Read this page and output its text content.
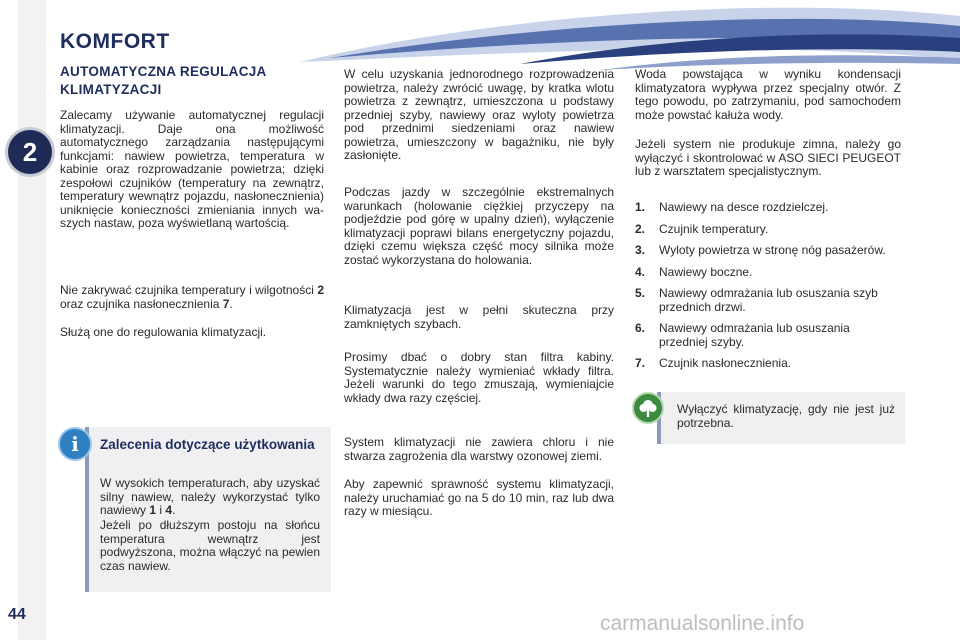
2
KOMFORT
AUTOMATYCZNA REGULACJA
KLIMATYZACJI
Zalecamy używanie automatycznej regulacji klimatyzacji. Daje ona możliwość automatycznego zarządzania następującymi funkcjami: nawiew powietrza, temperatura w kabinie oraz rozprowadzanie powietrza; dzięki zespołowi czujników (temperatury na zewnątrz, temperatury wewnątrz pojazdu, nasłonecznienia) uniknięcie konieczności zmieniania innych waszych nastaw, poza wyświetlaną wartością.
Nie zakrywać czujnika temperatury i wilgotności 2 oraz czujnika nasłonecznienia 7.
Służą one do regulowania klimatyzacji.
i	Zalecenia dotyczące użytkowania
W wysokich temperaturach, aby uzyskać silny nawiew, należy wykorzystać tylko nawiewy 1 i 4.
Jeżeli po dłuższym postoju na słońcu temperatura wewnątrz jest podwyższona, można włączyć na pewien czas nawiew.
W celu uzyskania jednorodnego rozprowadzenia powietrza, należy zwrócić uwagę, by kratka wlotu powietrza z zewnątrz, umieszczona u podstawy przedniej szyby, nawiewy oraz wyloty powietrza pod przednimi siedzeniami oraz nawiew powietrza, umieszczony w bagażniku, nie były zasłonięte.
Podczas jazdy w szczególnie ekstremalnych warunkach (holowanie ciężkiej przyczepy na podjeździe pod górę w upalny dzień), wyłączenie klimatyzacji poprawi bilans energetyczny pojazdu, dzięki czemu większa część mocy silnika może zostać wykorzystana do holowania.
Klimatyzacja jest w pełni skuteczna przy zamkniętych szybach.
Prosimy dbać o dobry stan filtra kabiny. Systematycznie należy wymieniać wkłady filtra. Jeżeli warunki do tego zmuszają, wymieniajcie wkłady dwa razy częściej.
System klimatyzacji nie zawiera chloru i nie stwarza zagrożenia dla warstwy ozonowej ziemi.
Aby zapewnić sprawność systemu klimatyzacji, należy uruchamiać go na 5 do 10 min, raz lub dwa razy w miesiącu.
Woda powstająca w wyniku kondensacji klimatyzatora wypływa przez specjalny otwór. Z tego powodu, po zatrzymaniu, pod samochodem może powstać kałuża wody.
Jeżeli system nie produkuje zimna, należy go wyłączyć i skontrolować w ASO SIECI PEUGEOT lub z warsztatem specjalistycznym.
1. Nawiewy na desce rozdzielczej.
2. Czujnik temperatury.
3. Wyloty powietrza w stronę nóg pasażerów.
4. Nawiewy boczne.
5. Nawiewy odmrażania lub osuszania szyb przednich drzwi.
6. Nawiewy odmrażania lub osuszania przedniej szyby.
7. Czujnik nasłonecznienia.
Wyłączyć klimatyzację, gdy nie jest już potrzebna.
44	carmanualsonline.info
